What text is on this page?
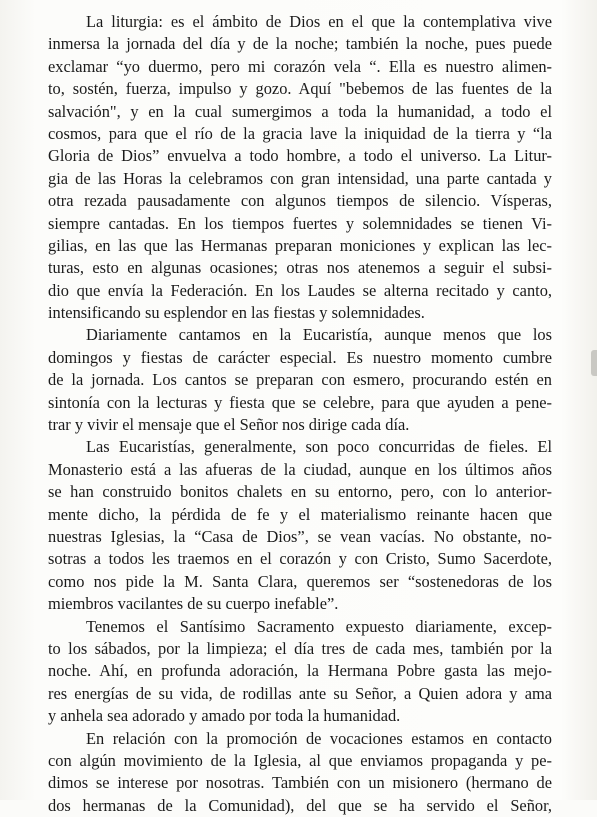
La liturgia: es el ámbito de Dios en el que la contemplativa vive
inmersa la jornada del día y de la noche; también la noche, pues puede
exclamar “yo duermo, pero mi corazón vela “. Ella es nuestro alimen-
to, sostén, fuerza, impulso y gozo. Aquí "bebemos de las fuentes de la
salvación", y en la cual sumergimos a toda la humanidad, a todo el
cosmos, para que el río de la gracia lave la iniquidad de la tierra y “la
Gloria de Dios” envuelva a todo hombre, a todo el universo. La Litur-
gia de las Horas la celebramos con gran intensidad, una parte cantada y
otra rezada pausadamente con algunos tiempos de silencio. Vísperas,
siempre cantadas. En los tiempos fuertes y solemnidades se tienen Vi-
gilias, en las que las Hermanas preparan moniciones y explican las lec-
turas, esto en algunas ocasiones; otras nos atenemos a seguir el subsi-
dio que envía la Federación. En los Laudes se alterna recitado y canto,
intensificando su esplendor en las fiestas y solemnidades.
Diariamente cantamos en la Eucaristía, aunque menos que los
domingos y fiestas de carácter especial. Es nuestro momento cumbre
de la jornada. Los cantos se preparan con esmero, procurando estén en
sintonía con la lecturas y fiesta que se celebre, para que ayuden a pene-
trar y vivir el mensaje que el Señor nos dirige cada día.
Las Eucaristías, generalmente, son poco concurridas de fieles. El
Monasterio está a las afueras de la ciudad, aunque en los últimos años
se han construido bonitos chalets en su entorno, pero, con lo anterior-
mente dicho, la pérdida de fe y el materialismo reinante hacen que
nuestras Iglesias, la “Casa de Dios”, se vean vacías. No obstante, no-
sotras a todos les traemos en el corazón y con Cristo, Sumo Sacerdote,
como nos pide la M. Santa Clara, queremos ser “sostenedoras de los
miembros vacilantes de su cuerpo inefable”.
Tenemos el Santísimo Sacramento expuesto diariamente, excep-
to los sábados, por la limpieza; el día tres de cada mes, también por la
noche. Ahí, en profunda adoración, la Hermana Pobre gasta las mejo-
res energías de su vida, de rodillas ante su Señor, a Quien adora y ama
y anhela sea adorado y amado por toda la humanidad.
En relación con la promoción de vocaciones estamos en contacto
con algún movimiento de la Iglesia, al que enviamos propaganda y pe-
dimos se interese por nosotras. También con un misionero (hermano de
dos hermanas de la Comunidad), del que se ha servido el Señor,
